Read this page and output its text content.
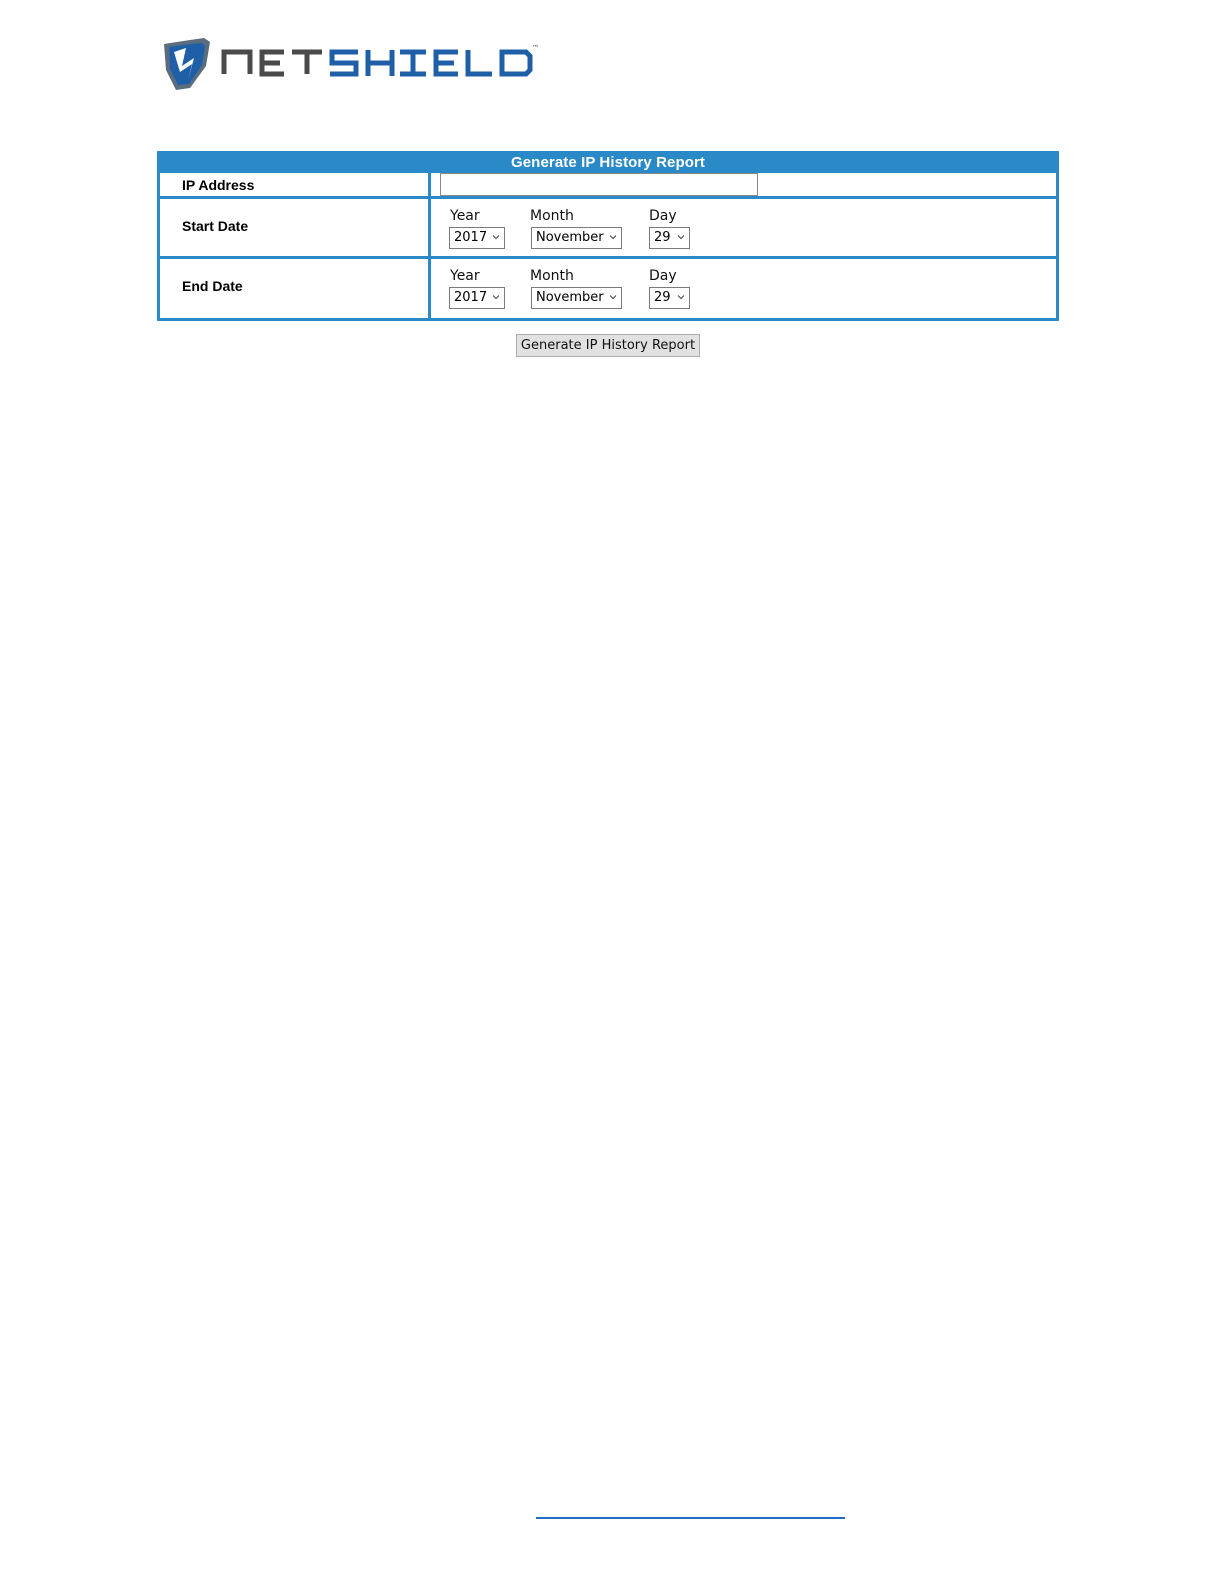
™
Generate IP History Report
IP Address
Start Date
Year	Month	Day
2017	November	29
End Date
Year	Month	Day
2017	November	29
Generate IP History Report
